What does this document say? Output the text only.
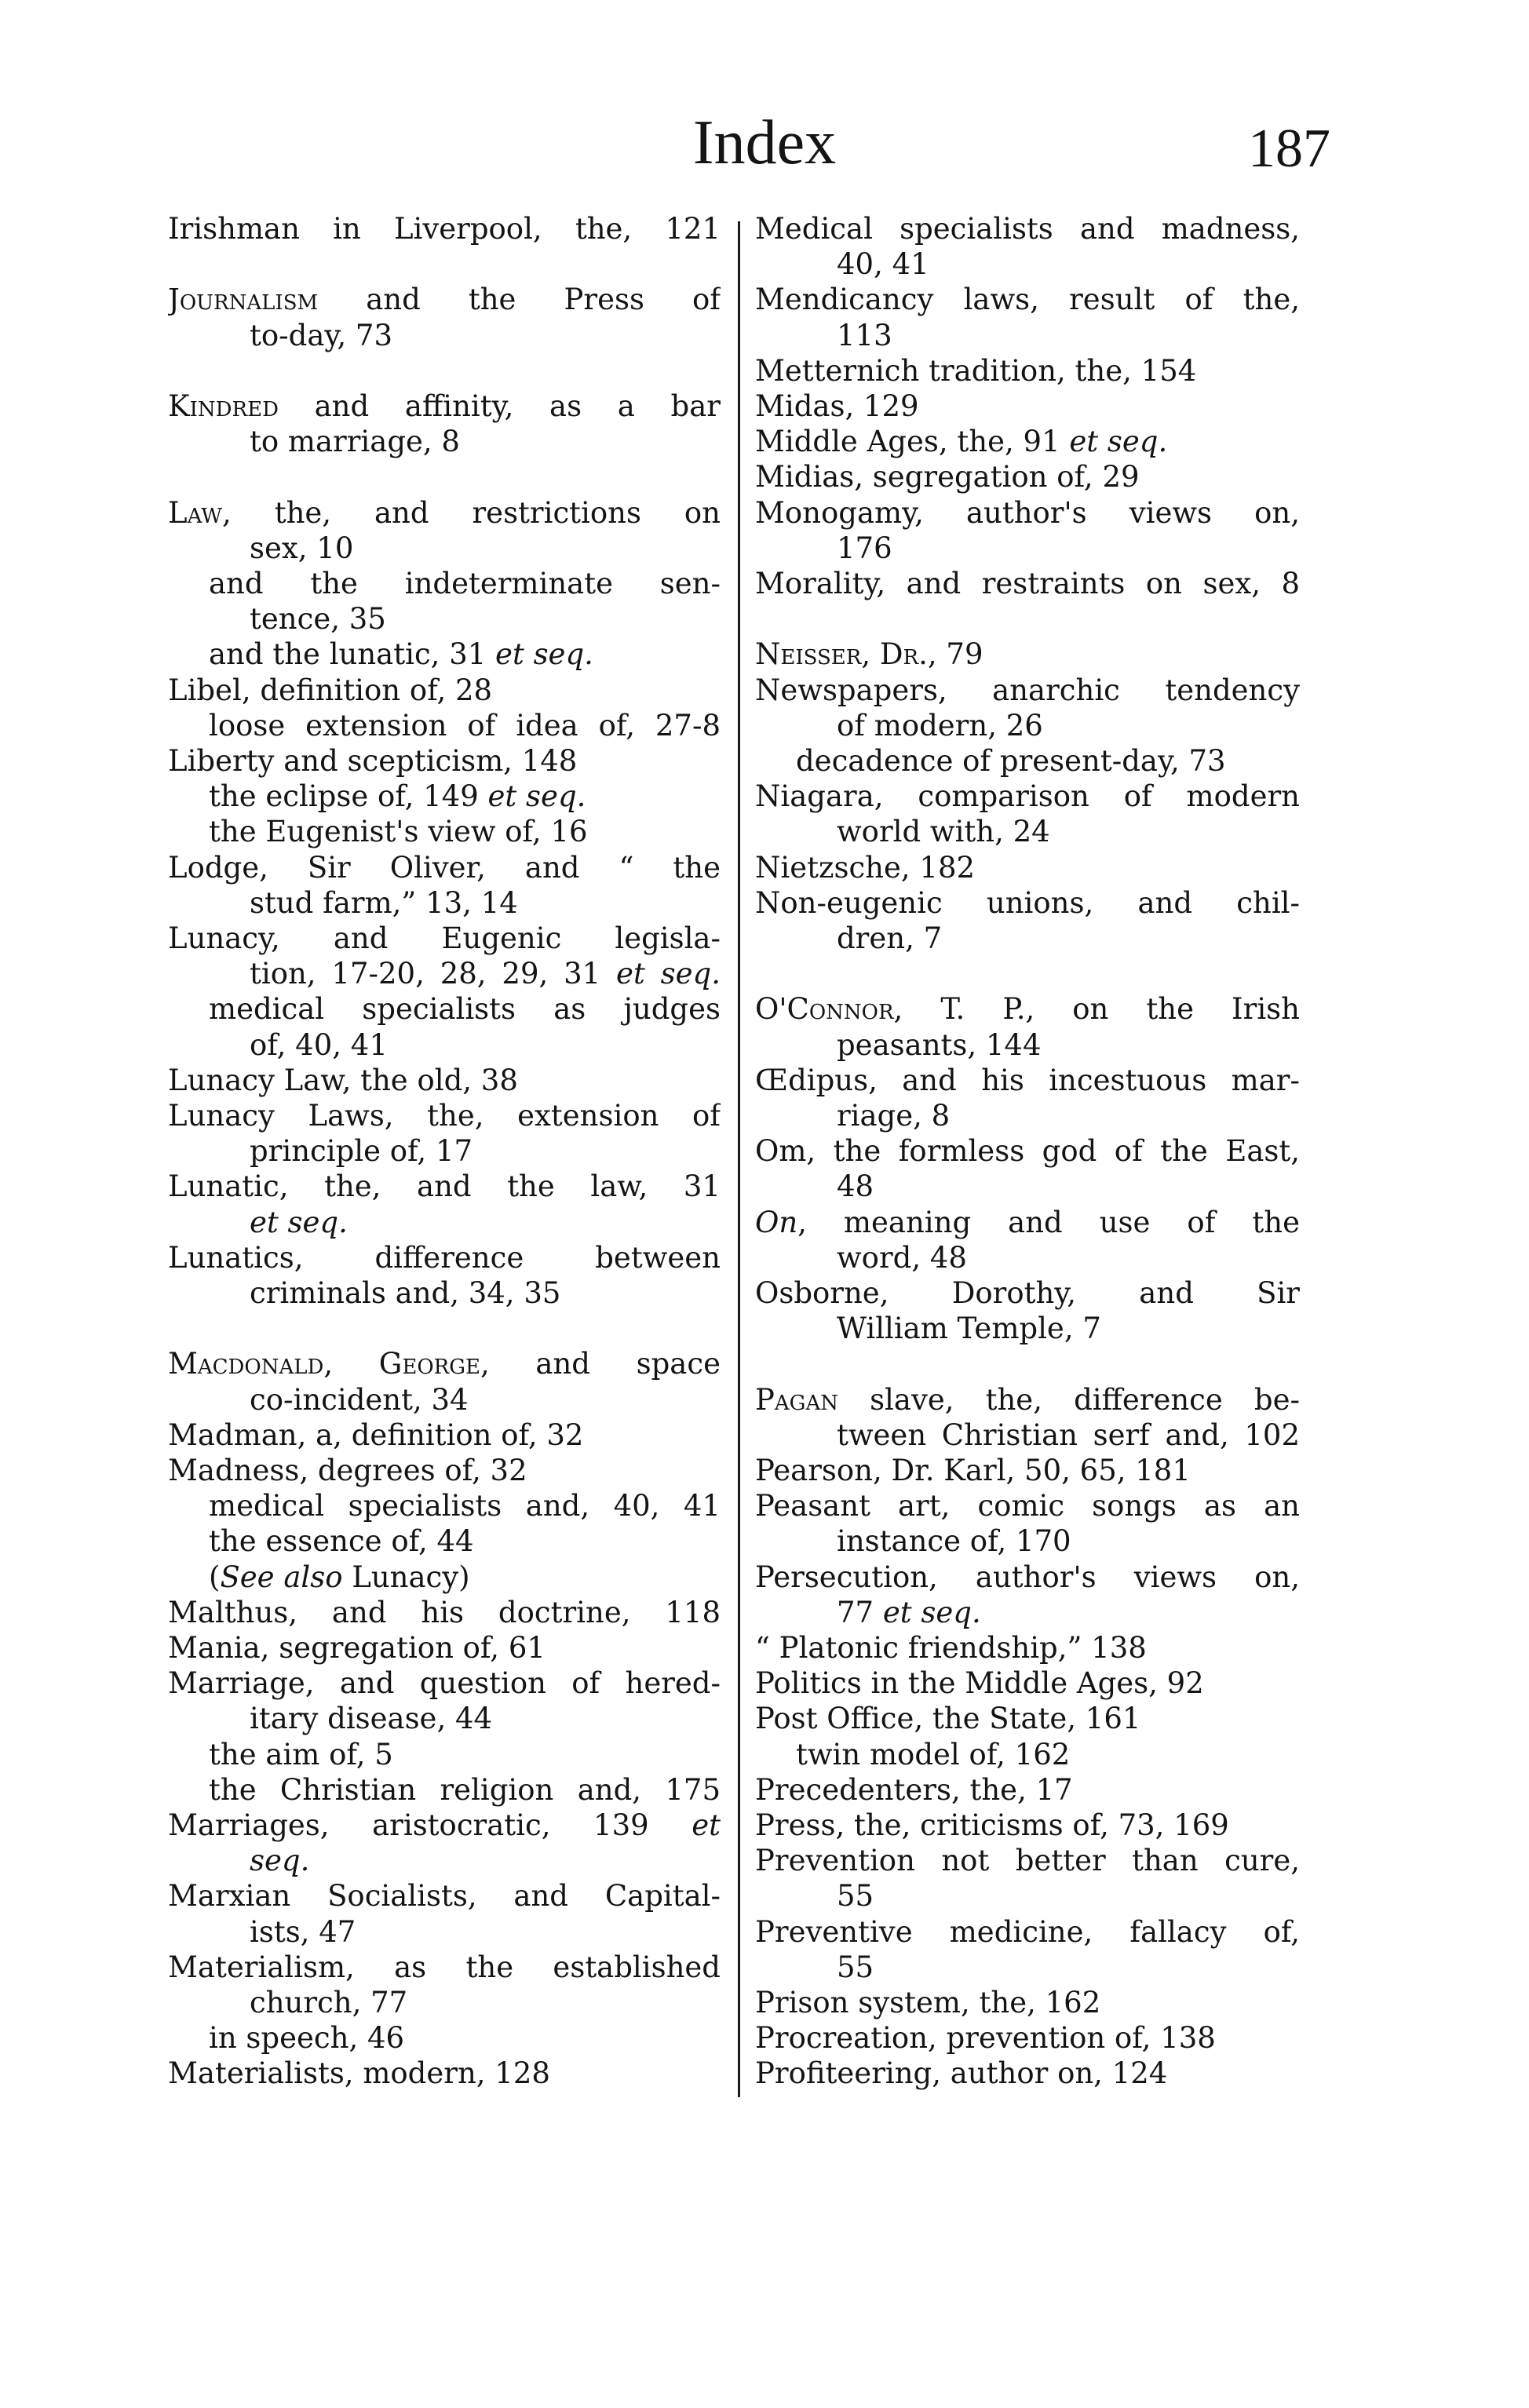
Index	187
Irishman in Liverpool, the, 121
Journalism and the Press of
to-day, 73
Kindred and affinity, as a bar
to marriage, 8
Law, the, and restrictions on
sex, 10
and the indeterminate sen-
tence, 35
and the lunatic, 31 et seq.
Libel, definition of, 28
loose extension of idea of, 27-8
Liberty and scepticism, 148
the eclipse of, 149 et seq.
the Eugenist's view of, 16
Lodge, Sir Oliver, and “ the
stud farm,” 13, 14
Lunacy, and Eugenic legisla-
tion, 17-20, 28, 29, 31 et seq.
medical specialists as judges
of, 40, 41
Lunacy Law, the old, 38
Lunacy Laws, the, extension of
principle of, 17
Lunatic, the, and the law, 31
et seq.
Lunatics, difference between
criminals and, 34, 35
Macdonald, George, and space
co-incident, 34
Madman, a, definition of, 32
Madness, degrees of, 32
medical specialists and, 40, 41
the essence of, 44
(See also Lunacy)
Malthus, and his doctrine, 118
Mania, segregation of, 61
Marriage, and question of hered-
itary disease, 44
the aim of, 5
the Christian religion and, 175
Marriages, aristocratic, 139 et
seq.
Marxian Socialists, and Capital-
ists, 47
Materialism, as the established
church, 77
in speech, 46
Materialists, modern, 128
Medical specialists and madness,
40, 41
Mendicancy laws, result of the,
113
Metternich tradition, the, 154
Midas, 129
Middle Ages, the, 91 et seq.
Midias, segregation of, 29
Monogamy, author's views on,
176
Morality, and restraints on sex, 8
Neisser, Dr., 79
Newspapers, anarchic tendency
of modern, 26
decadence of present-day, 73
Niagara, comparison of modern
world with, 24
Nietzsche, 182
Non-eugenic unions, and chil-
dren, 7
O'Connor, T. P., on the Irish
peasants, 144
Œdipus, and his incestuous mar-
riage, 8
Om, the formless god of the East,
48
On, meaning and use of the
word, 48
Osborne, Dorothy, and Sir
William Temple, 7
Pagan slave, the, difference be-
tween Christian serf and, 102
Pearson, Dr. Karl, 50, 65, 181
Peasant art, comic songs as an
instance of, 170
Persecution, author's views on,
77 et seq.
“ Platonic friendship,” 138
Politics in the Middle Ages, 92
Post Office, the State, 161
twin model of, 162
Precedenters, the, 17
Press, the, criticisms of, 73, 169
Prevention not better than cure,
55
Preventive medicine, fallacy of,
55
Prison system, the, 162
Procreation, prevention of, 138
Profiteering, author on, 124
